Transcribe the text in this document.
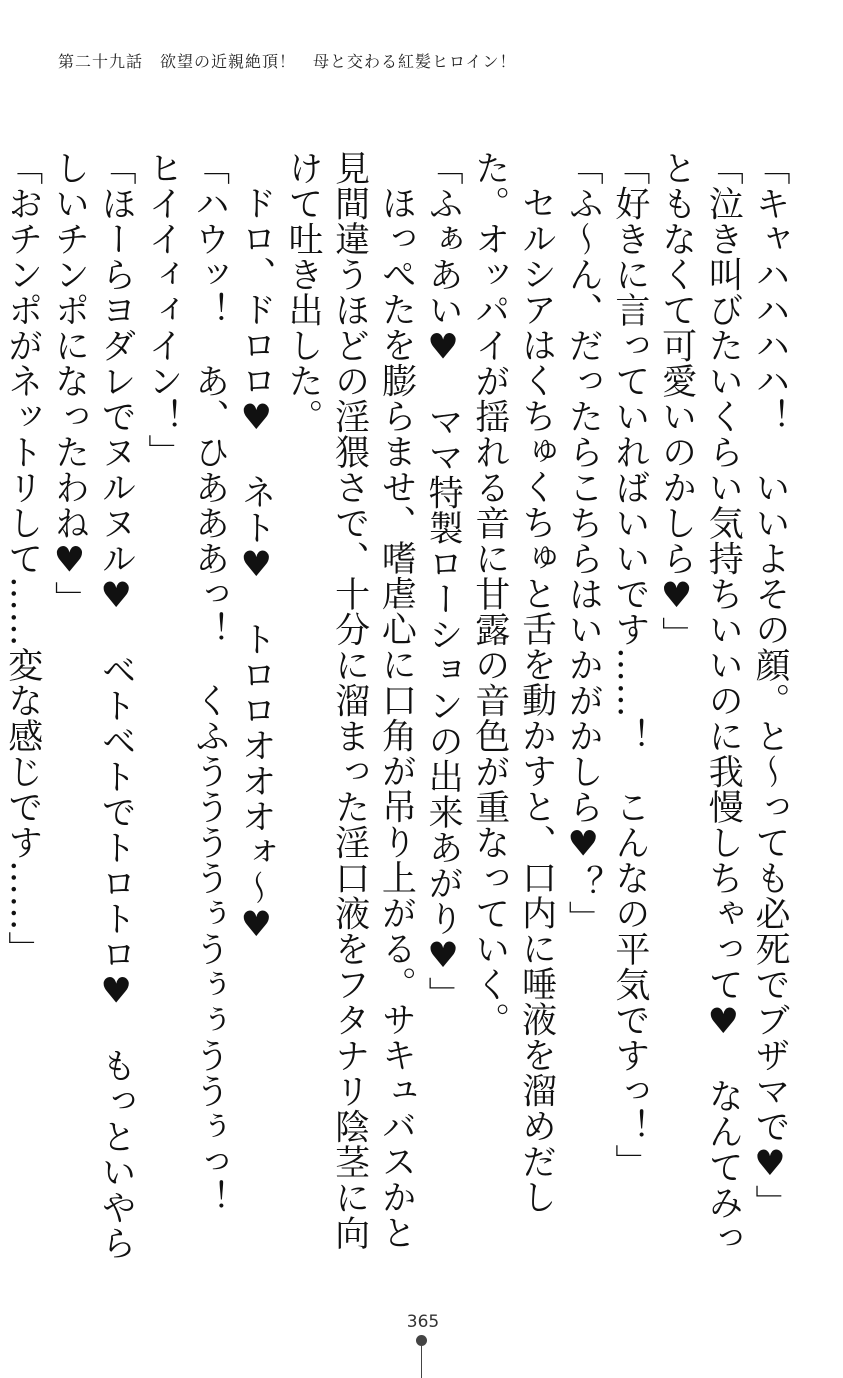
第二十九話　欲望の近親絶頂！　母と交わる紅髪ヒロイン！

「キャハハハハ！　いいよその顔。と～っても必死でブザマで♥」

「泣き叫びたいくらい気持ちいいのに我慢しちゃって♥　なんてみっともなくて可愛いのかしら♥」

「好きに言っていればいいです……！　こんなの平気ですっ！」

「ふ～ん、だったらこちらはいかがかしら♥？」

セルシアはくちゅくちゅと舌を動かすと、口内に唾液を溜めだした。オッパイが揺れる音に甘露の音色が重なっていく。

「ふぁあい♥　ママ特製ローションの出来あがり♥」

ほっぺたを膨らませ、嗜虐心に口角が吊り上がる。サキュバスかと見間違うほどの淫猥さで、十分に溜まった淫口液をフタナリ陰茎に向けて吐き出した。

ドロ、ドロロ♥　ネト♥　トロロオオオォ～♥

「ハウッ！　あ、ひあああっ！　くふううううぅうぅぅううぅっ！　ヒイイィィイン！」

「ほーらヨダレでヌルヌル♥　ベトベトでトロトロ♥　もっといやらしいチンポになったわね♥」

「おチンポがネットリして……変な感じです……」

365
